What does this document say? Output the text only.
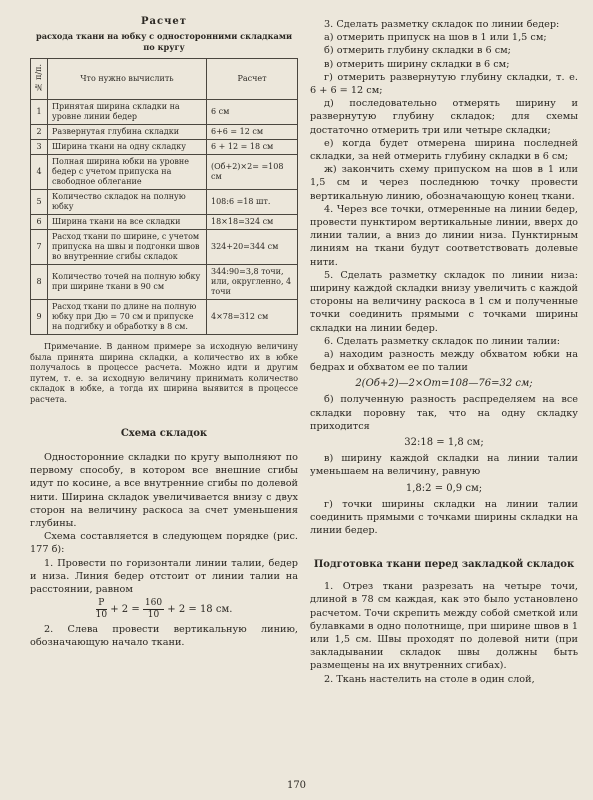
Расчет
расхода ткани на юбку с односторонними складками по кругу
№ п/п.	Что нужно вычислить	Расчет
1	Принятая ширина складки на уровне линии бедер	6 см
2	Развернутая глубина складки	6+6 = 12 см
3	Ширина ткани на одну складку	6 + 12 = 18 см
4	Полная ширина юбки на уровне бедер с учетом припуска на свободное облегание	(Об+2)×2= =108 см
5	Количество складок на полную юбку	108:6 =18 шт.
6	Ширина ткани на все складки	18×18=324 см
7	Расход ткани по ширине, с учетом припуска на швы и подгонки швов во внутренние сгибы складок	324+20=344 см
8	Количество точей на полную юбку при ширине ткани в 90 см	344:90=3,8 точи, или, округленно, 4 точи
9	Расход ткани по длине на полную юбку при Дю = 70 см и припуске на подгибку и обработку в 8 см.	4×78=312 см

Примечание. В данном примере за исходную величину была принята ширина складки, а количество их в юбке получалось в процессе расчета. Можно идти и другим путем, т. е. за исходную величину принимать количество складок в юбке, а тогда их ширина выявится в процессе расчета.

Схема складок

Односторонние складки по кругу выполняют по первому способу, в котором все внешние сгибы идут по косине, а все внутренние сгибы по долевой нити. Ширина складок увеличивается внизу с двух сторон на величину раскоса за счет уменьшения глубины.

Схема составляется в следующем порядке (рис. 177 б):

1. Провести по горизонтали линии талии, бедер и низа. Линия бедер отстоит от линии талии на расстоянии, равном

$\frac{P}{10} + 2 = \frac{160}{10} + 2 = 18$ см.

2. Слева провести вертикальную линию, обозначающую начало ткани.

3. Сделать разметку складок по линии бедер:

а) отмерить припуск на шов в 1 или 1,5 см;

б) отмерить глубину складки в 6 см;

в) отмерить ширину складки в 6 см;

г) отмерить развернутую глубину складки, т. е. 6 + 6 = 12 см;

д) последовательно отмерять ширину и развернутую глубину складок; для схемы достаточно отмерить три или четыре складки;

е) когда будет отмерена ширина последней складки, за ней отмерить глубину складки в 6 см;

ж) закончить схему припуском на шов в 1 или 1,5 см и через последнюю точку провести вертикальную линию, обозначающую конец ткани.

4. Через все точки, отмеренные на линии бедер, провести пунктиром вертикальные линии, вверх до линии талии, а вниз до линии низа. Пунктирным линиям на ткани будут соответствовать долевые нити.

5. Сделать разметку складок по линии низа: ширину каждой складки внизу увеличить с каждой стороны на величину раскоса в 1 см и полученные точки соединить прямыми с точками ширины складки на линии бедер.

6. Сделать разметку складок по линии талии:

а) находим разность между обхватом юбки на бедрах и обхватом ее по талии

2(Об+2)—2×От=108—76=32 см;

б) полученную разность распределяем на все складки поровну так, что на одну складку приходится

32:18 = 1,8 см;

в) ширину каждой складки на линии талии уменьшаем на величину, равную

1,8:2 = 0,9 см;

г) точки ширины складки на линии талии соединить прямыми с точками ширины складки на линии бедер.

Подготовка ткани перед закладкой складок

1. Отрез ткани разрезать на четыре точи, длиной в 78 см каждая, как это было установлено расчетом. Точи скрепить между собой сметкой или булавками в одно полотнище, при ширине швов в 1 или 1,5 см. Швы проходят по долевой нити (при закладывании складок швы должны быть размещены на их внутренних сгибах).

2. Ткань настелить на столе в один слой,

170
